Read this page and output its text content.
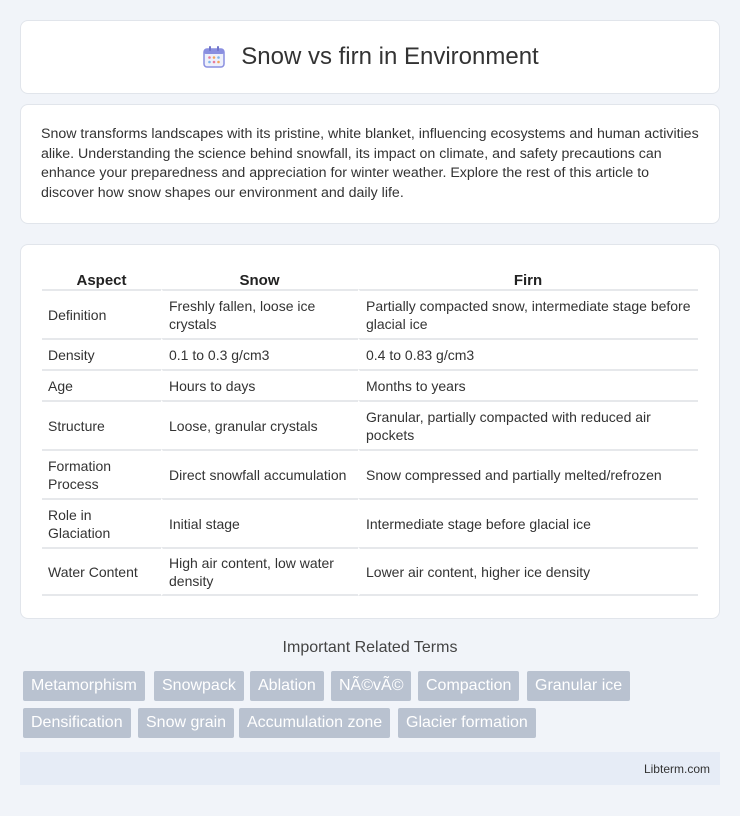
Snow vs firn in Environment

Snow transforms landscapes with its pristine, white blanket, influencing ecosystems and human activities alike. Understanding the science behind snowfall, its impact on climate, and safety precautions can enhance your preparedness and appreciation for winter weather. Explore the rest of this article to discover how snow shapes our environment and daily life.

Aspect	Snow	Firn
Definition	Freshly fallen, loose ice crystals	Partially compacted snow, intermediate stage before glacial ice
Density	0.1 to 0.3 g/cm3	0.4 to 0.83 g/cm3
Age	Hours to days	Months to years
Structure	Loose, granular crystals	Granular, partially compacted with reduced air pockets
Formation Process	Direct snowfall accumulation	Snow compressed and partially melted/refrozen
Role in Glaciation	Initial stage	Intermediate stage before glacial ice
Water Content	High air content, low water density	Lower air content, higher ice density
Important Related Terms
Metamorphism	Snowpack	Ablation	NÃ©vÃ©	Compaction	Granular ice
Densification	Snow grain	Accumulation zone	Glacier formation
Libterm.com
